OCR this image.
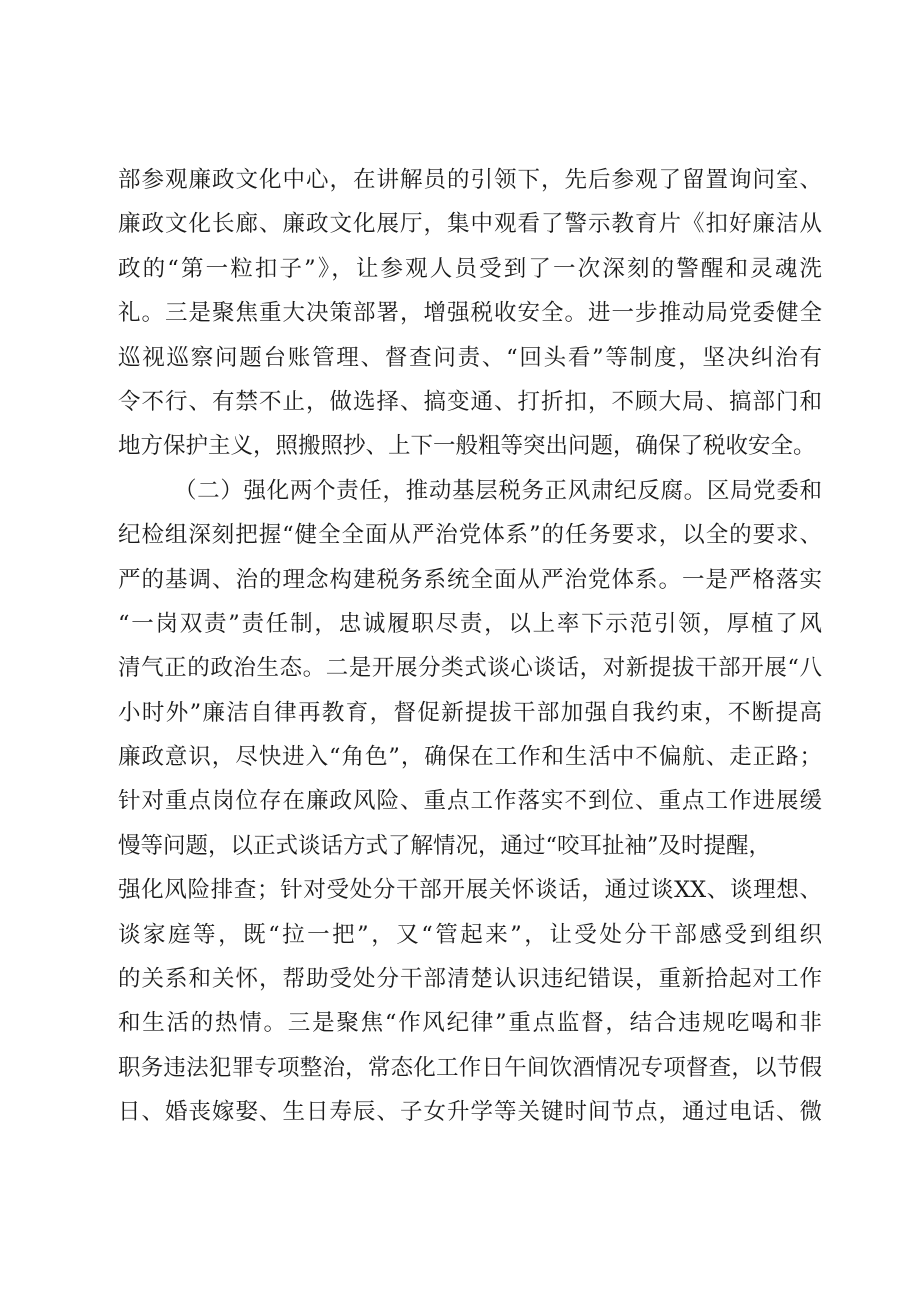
部参观廉政文化中心，在讲解员的引领下，先后参观了留置询问室、
廉政文化长廊、廉政文化展厅，集中观看了警示教育片《扣好廉洁从
政的“第一粒扣子”》，让参观人员受到了一次深刻的警醒和灵魂洗
礼。三是聚焦重大决策部署，增强税收安全。进一步推动局党委健全
巡视巡察问题台账管理、督查问责、“回头看”等制度，坚决纠治有
令不行、有禁不止，做选择、搞变通、打折扣，不顾大局、搞部门和
地方保护主义，照搬照抄、上下一般粗等突出问题，确保了税收安全。
（二）强化两个责任，推动基层税务正风肃纪反腐。区局党委和
纪检组深刻把握“健全全面从严治党体系”的任务要求，以全的要求、
严的基调、治的理念构建税务系统全面从严治党体系。一是严格落实
“一岗双责”责任制，忠诚履职尽责，以上率下示范引领，厚植了风
清气正的政治生态。二是开展分类式谈心谈话，对新提拔干部开展“八
小时外”廉洁自律再教育，督促新提拔干部加强自我约束，不断提高
廉政意识，尽快进入“角色”，确保在工作和生活中不偏航、走正路；
针对重点岗位存在廉政风险、重点工作落实不到位、重点工作进展缓
慢等问题，以正式谈话方式了解情况，通过“咬耳扯袖”及时提醒，
强化风险排查；针对受处分干部开展关怀谈话，通过谈XX、谈理想、
谈家庭等，既“拉一把”，又“管起来”，让受处分干部感受到组织
的关系和关怀，帮助受处分干部清楚认识违纪错误，重新拾起对工作
和生活的热情。三是聚焦“作风纪律”重点监督，结合违规吃喝和非
职务违法犯罪专项整治，常态化工作日午间饮酒情况专项督查，以节假
日、婚丧嫁娶、生日寿辰、子女升学等关键时间节点，通过电话、微
